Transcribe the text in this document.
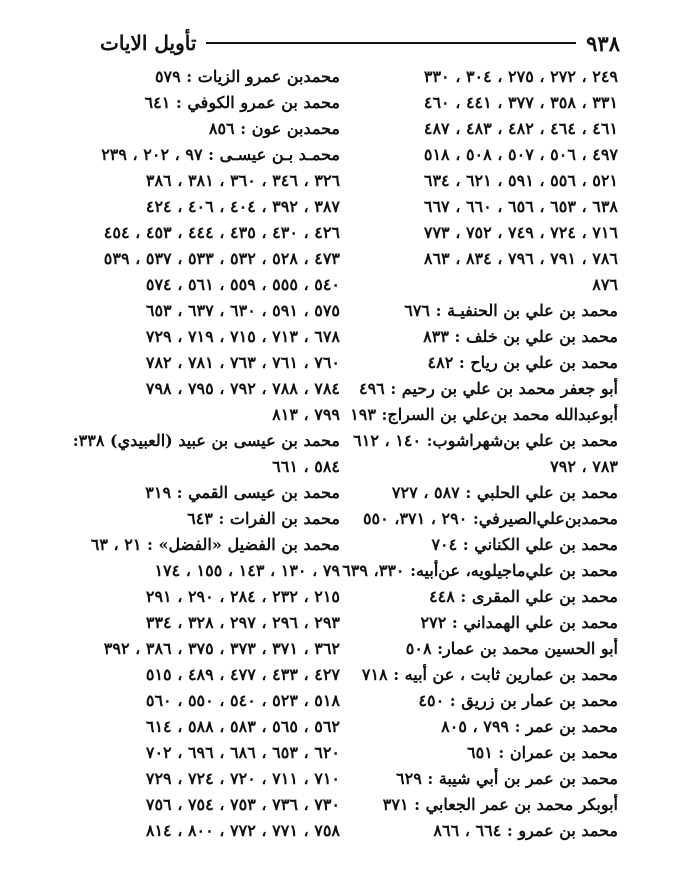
٩٣٨
تأويل الايات
٢٤٩ ، ٢٧٢ ، ٢٧٥ ، ٣٠٤ ، ٣٣٠
٣٣١ ، ٣٥٨ ، ٣٧٧ ، ٤٤١ ، ٤٦٠
٤٦١ ، ٤٦٤ ، ٤٨٢ ، ٤٨٣ ، ٤٨٧
٤٩٧ ، ٥٠٦ ، ٥٠٧ ، ٥٠٨ ، ٥١٨
٥٢١ ، ٥٥٦ ، ٥٩١ ، ٦٢١ ، ٦٣٤
٦٣٨ ، ٦٥٣ ، ٦٥٦ ، ٦٦٠ ، ٦٦٧
٧١٦ ، ٧٢٤ ، ٧٤٩ ، ٧٥٢ ، ٧٧٣
٧٨٦ ، ٧٩١ ، ٧٩٦ ، ٨٣٤ ، ٨٦٣
٨٧٦
محمد بن علي بن الحنفيـة : ٦٧٦
محمد بن علي بن خلف : ٨٣٣
محمد بن علي بن رياح : ٤٨٢
أبو جعفر محمد بن علي بن رحيم : ٤٩٦
أبوعبدالله محمد بن‌علي بن السراج: ١٩٣
محمد بن علي بن‌شهراشوب: ١٤٠ ، ٦١٢
٧٨٣ ، ٧٩٢
محمد بن علي الحلبي : ٥٨٧ ، ٧٢٧
محمدبن‌علي‌الصيرفي: ٢٩٠ ، ٣٧١، ٥٥٠
محمد بن علي الكناني : ٧٠٤
محمد بن علي‌ماجيلويه، عن‌أبيه: ٣٣٠، ٦٣٩
محمد بن علي المقرى : ٤٤٨
محمد بن علي الهمداني : ٢٧٢
أبو الحسين محمد بن عمار: ٥٠٨
محمد بن عمارين ثابت ، عن أبيه : ٧١٨
محمد بن عمار بن زريق : ٤٥٠
محمد بن عمر : ٧٩٩ ، ٨٠٥
محمد بن عمران : ٦٥١
محمد بن عمر بن أبي شيبة : ٦٢٩
أبوبكر محمد بن عمر الجعابي : ٣٧١
محمد بن عمرو : ٦٦٤ ، ٨٦٦
محمدبن عمرو الزيات : ٥٧٩
محمد بن عمرو الكوفي : ٦٤١
محمدبن عون : ٨٥٦
محمـد بـن عيسـى : ٩٧ ، ٢٠٢ ، ٢٣٩
٣٢٦ ، ٣٤٦ ، ٣٦٠ ، ٣٨١ ، ٣٨٦
٣٨٧ ، ٣٩٢ ، ٤٠٤ ، ٤٠٦ ، ٤٢٤
٤٢٦ ، ٤٣٠ ، ٤٣٥ ، ٤٤٤ ، ٤٥٣ ، ٤٥٤
٤٧٣ ، ٥٢٨ ، ٥٣٢ ، ٥٣٣ ، ٥٣٧ ، ٥٣٩
٥٤٠ ، ٥٥٥ ، ٥٥٩ ، ٥٦١ ، ٥٧٤
٥٧٥ ، ٥٩١ ، ٦٣٠ ، ٦٣٧ ، ٦٥٣
٦٧٨ ، ٧١٣ ، ٧١٥ ، ٧١٩ ، ٧٢٩
٧٦٠ ، ٧٦١ ، ٧٦٣ ، ٧٨١ ، ٧٨٢
٧٨٤ ، ٧٨٨ ، ٧٩٢ ، ٧٩٥ ، ٧٩٨
٧٩٩ ، ٨١٣
محمد بن عيسى بن عبيد (العبيدي) ٣٣٨:
٥٨٤ ، ٦٦١
محمد بن عيسى القمي : ٣١٩
محمد بن الفرات : ٦٤٣
محمد بن الفضيل «الفضل» : ٢١ ، ٦٣
٧٩ ، ١٣٠ ، ١٤٣ ، ١٥٥ ، ١٧٤
٢١٥ ، ٢٣٢ ، ٢٨٤ ، ٢٩٠ ، ٢٩١
٢٩٣ ، ٢٩٦ ، ٢٩٧ ، ٣٢٨ ، ٣٣٤
٣٦٢ ، ٣٧١ ، ٣٧٣ ، ٣٧٥ ، ٣٨٦ ، ٣٩٢
٤٢٧ ، ٤٣٣ ، ٤٧٧ ، ٤٨٩ ، ٥١٥
٥١٨ ، ٥٢٣ ، ٥٤٠ ، ٥٥٠ ، ٥٦٠
٥٦٢ ، ٥٦٥ ، ٥٨٣ ، ٥٨٨ ، ٦١٤
٦٢٠ ، ٦٥٣ ، ٦٨٦ ، ٦٩٦ ، ٧٠٢
٧١٠ ، ٧١١ ، ٧٢٠ ، ٧٢٤ ، ٧٢٩
٧٣٠ ، ٧٣٦ ، ٧٥٣ ، ٧٥٤ ، ٧٥٦
٧٥٨ ، ٧٧١ ، ٧٧٢ ، ٨٠٠ ، ٨١٤
